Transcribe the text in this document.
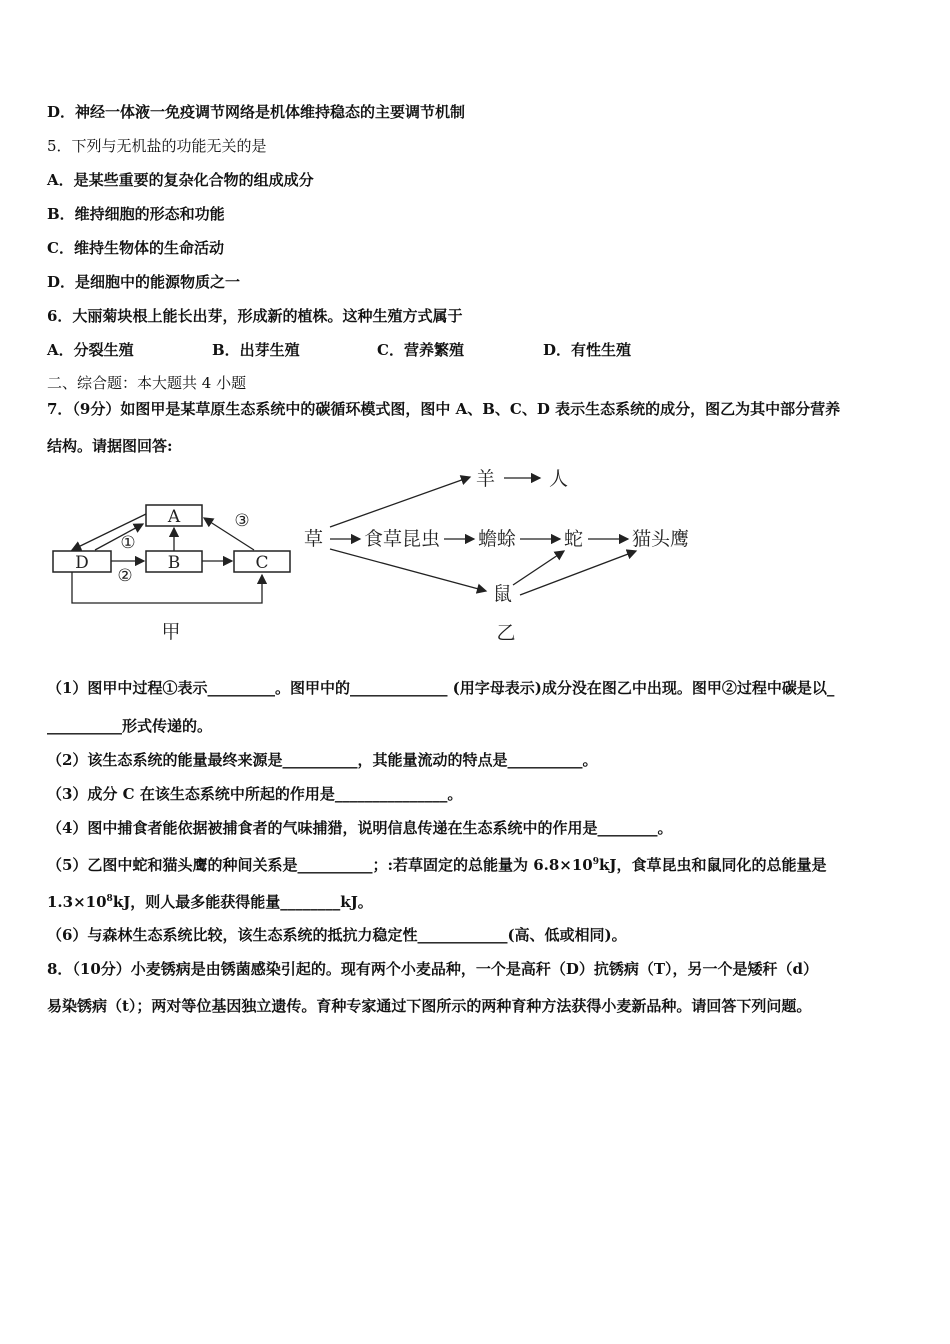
D．神经一体液一免疫调节网络是机体维持稳态的主要调节机制
5．下列与无机盐的功能无关的是
A．是某些重要的复杂化合物的组成成分
B．维持细胞的形态和功能
C．维持生物体的生命活动
D．是细胞中的能源物质之一
6．大丽菊块根上能长出芽，形成新的植株。这种生殖方式属于
A．分裂生殖	B．出芽生殖	C．营养繁殖	D．有性生殖
二、综合题：本大题共 4 小题
7．（9分）如图甲是某草原生态系统中的碳循环模式图，图中 A、B、C、D 表示生态系统的成分，图乙为其中部分营养
结构。请据图回答:
A
D	B	C
①
②
③
甲
羊	人
草 食草昆虫 蟾蜍	蛇	猫头鹰
鼠
乙
（1）图甲中过程①表示_________。图甲中的_____________ (用字母表示)成分没在图乙中出现。图甲②过程中碳是以_
__________形式传递的。
（2）该生态系统的能量最终来源是__________，其能量流动的特点是__________。
（3）成分 C 在该生态系统中所起的作用是_______________。
（4）图中捕食者能依据被捕食者的气味捕猎，说明信息传递在生态系统中的作用是________。
（5）乙图中蛇和猫头鹰的种间关系是__________；:若草固定的总能量为 $6.8\times 10^9kJ$，食草昆虫和鼠同化的总能量是
$1.3\times 10^8kJ$，则人最多能获得能量________kJ。
（6）与森林生态系统比较，该生态系统的抵抗力稳定性____________(高、低或相同)。
8．（10分）小麦锈病是由锈菌感染引起的。现有两个小麦品种，一个是高秆（D）抗锈病（T），另一个是矮秆（d）
易染锈病（t）；两对等位基因独立遗传。育种专家通过下图所示的两种育种方法获得小麦新品种。请回答下列问题。
